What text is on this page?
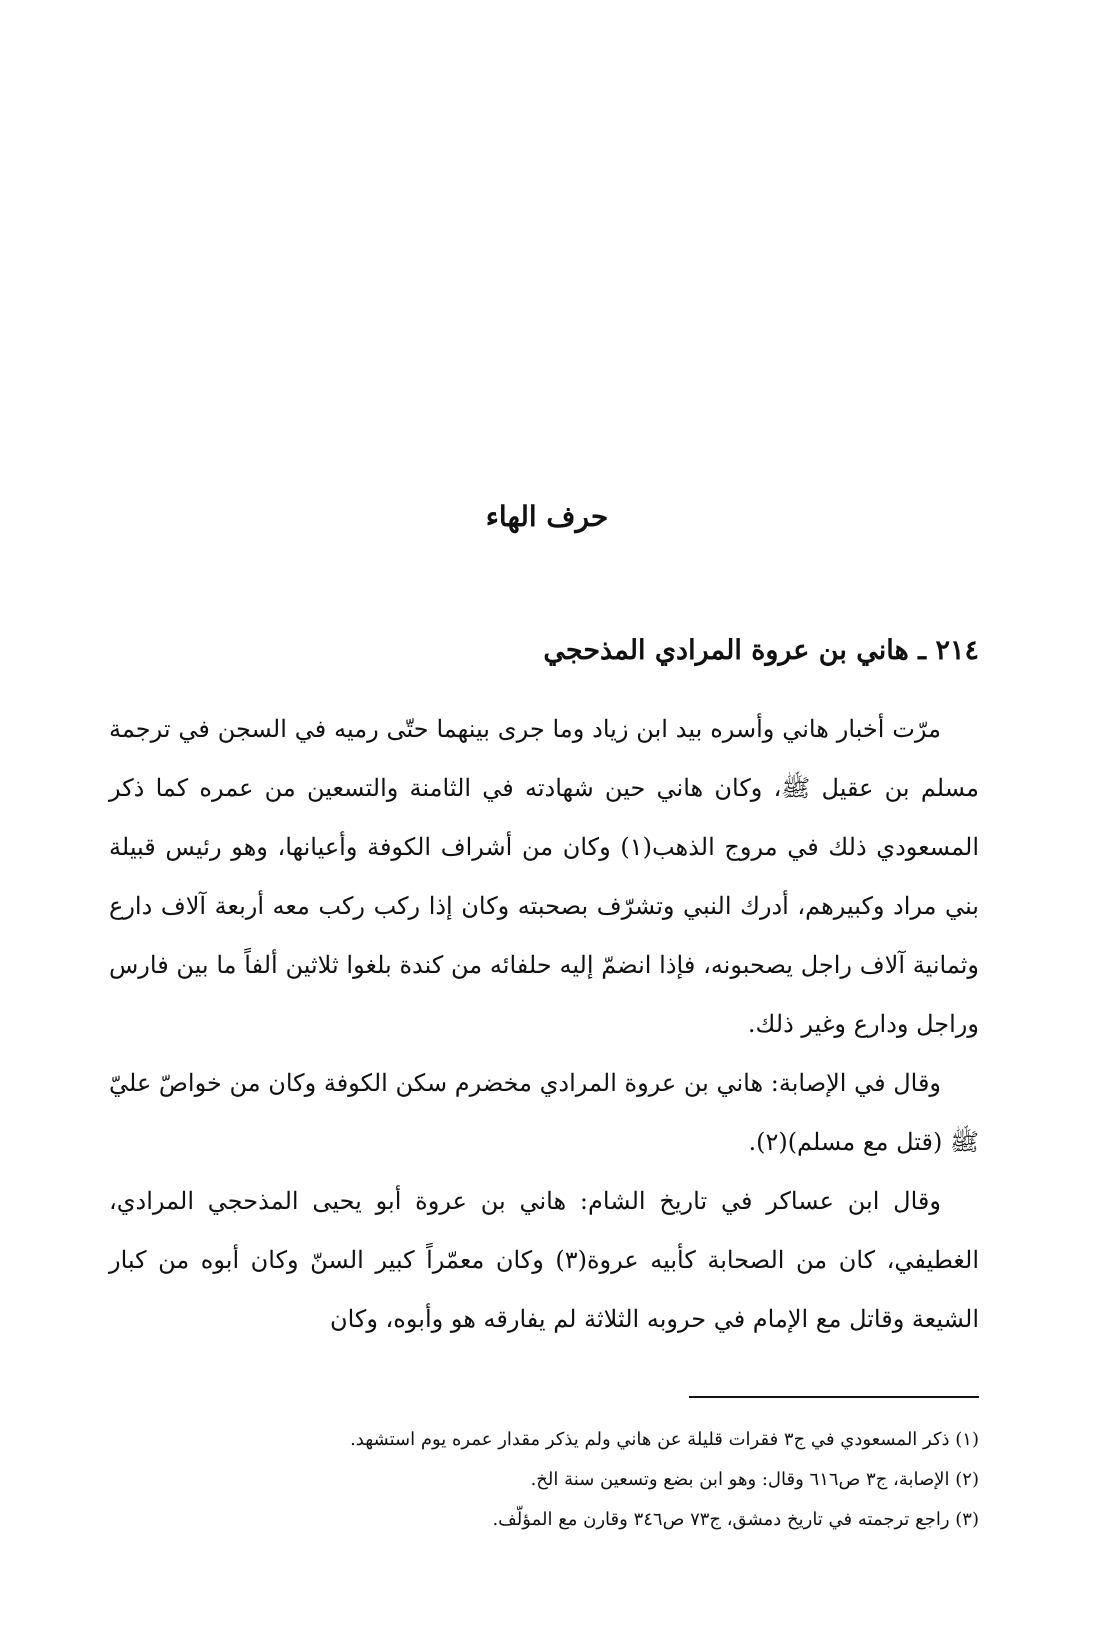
حرف الهاء
٢١٤ ـ هاني بن عروة المرادي المذحجي

مرّت أخبار هاني وأسره بيد ابن زياد وما جرى بينهما حتّى رميه في السجن في ترجمة مسلم بن عقيل ﷺ، وكان هاني حين شهادته في الثامنة والتسعين من عمره كما ذكر المسعودي ذلك في مروج الذهب(١) وكان من أشراف الكوفة وأعيانها، وهو رئيس قبيلة بني مراد وكبيرهم، أدرك النبي وتشرّف بصحبته وكان إذا ركب ركب معه أربعة آلاف دارع وثمانية آلاف راجل يصحبونه، فإذا انضمّ إليه حلفائه من كندة بلغوا ثلاثين ألفاً ما بين فارس وراجل ودارع وغير ذلك.

وقال في الإصابة: هاني بن عروة المرادي مخضرم سكن الكوفة وكان من خواصّ عليّ ﷺ (قتل مع مسلم)(٢).

وقال ابن عساكر في تاريخ الشام: هاني بن عروة أبو يحيى المذحجي المرادي، الغطيفي، كان من الصحابة كأبيه عروة(٣) وكان معمّراً كبير السنّ وكان أبوه من كبار الشيعة وقاتل مع الإمام في حروبه الثلاثة لم يفارقه هو وأبوه، وكان

(١) ذكر المسعودي في ج٣ فقرات قليلة عن هاني ولم يذكر مقدار عمره يوم استشهد.

(٢) الإصابة، ج٣ ص٦١٦ وقال: وهو ابن بضع وتسعين سنة الخ.

(٣) راجع ترجمته في تاريخ دمشق، ج٧٣ ص٣٤٦ وقارن مع المؤلّف.
